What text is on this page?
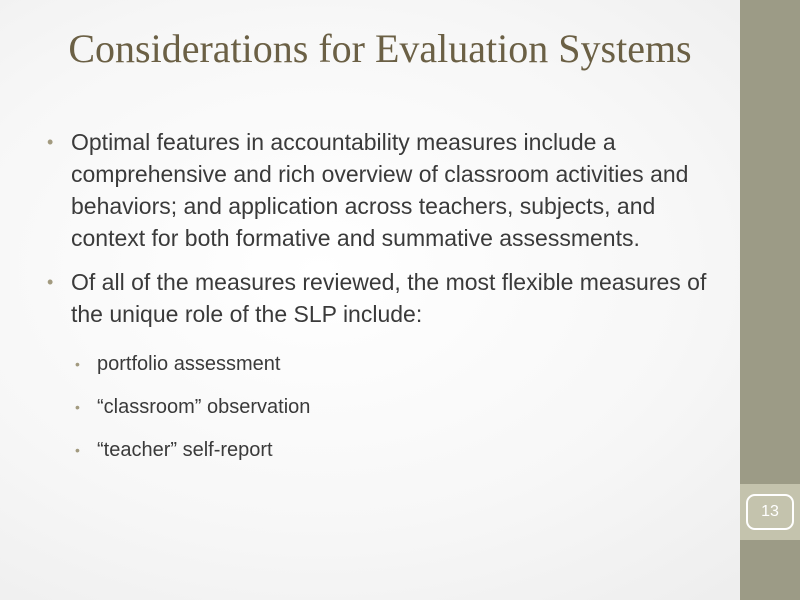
13
Considerations for Evaluation Systems
• Optimal features in accountability measures include a comprehensive and rich overview of classroom activities and behaviors; and application across teachers, subjects, and context for both formative and summative assessments.
• Of all of the measures reviewed, the most flexible measures of the unique role of the SLP include:
• portfolio assessment
• “classroom” observation
• “teacher” self-report
